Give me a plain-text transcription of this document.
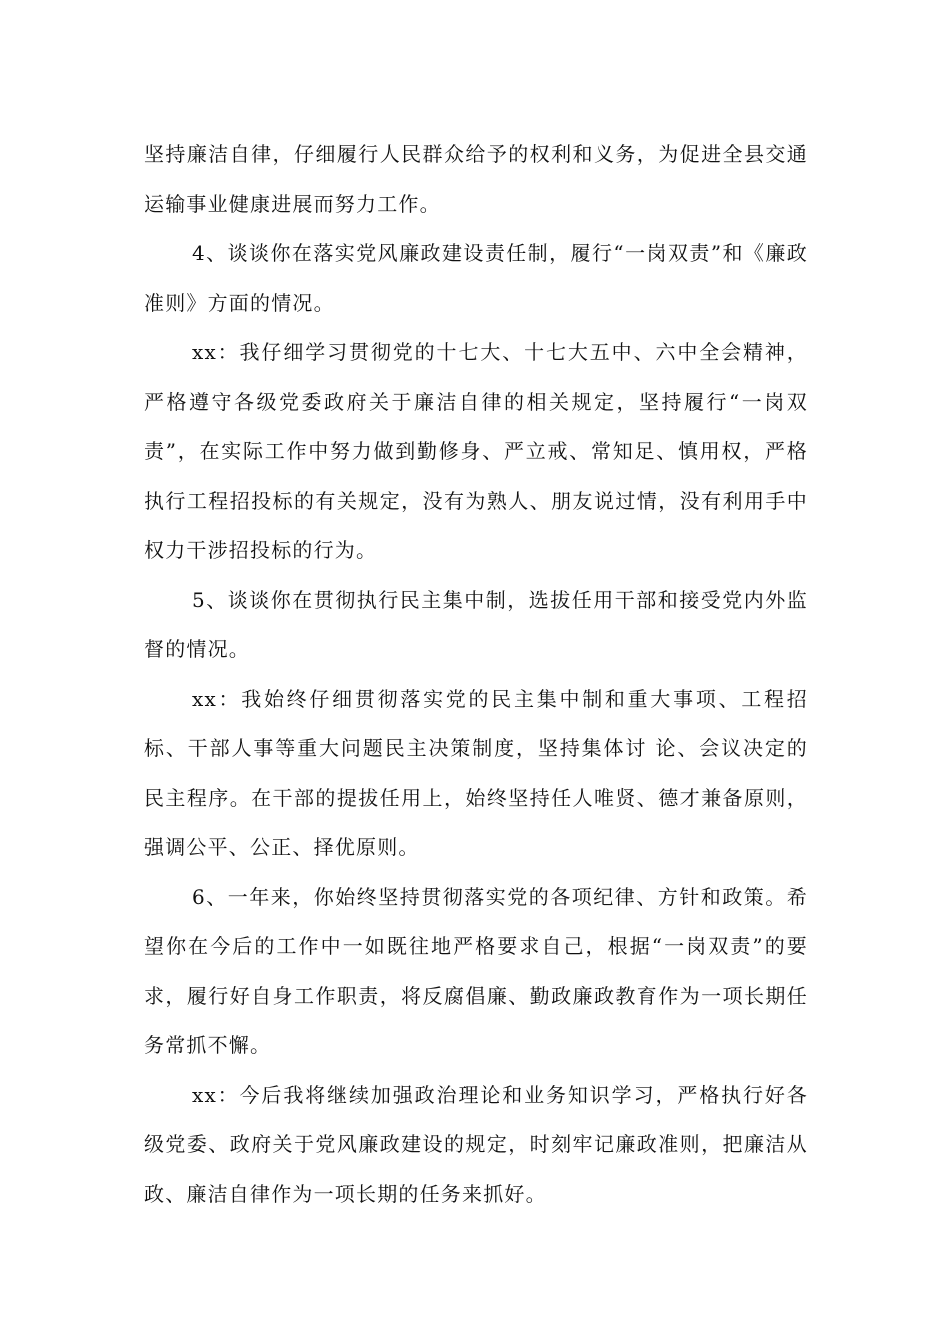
坚持廉洁自律，仔细履行人民群众给予的权利和义务，为促进全县交通运输事业健康进展而努力工作。

4、谈谈你在落实党风廉政建设责任制，履行“一岗双责”和《廉政准则》方面的情况。

xx：我仔细学习贯彻党的十七大、十七大五中、六中全会精神，严格遵守各级党委政府关于廉洁自律的相关规定，坚持履行“一岗双责”，在实际工作中努力做到勤修身、严立戒、常知足、慎用权，严格执行工程招投标的有关规定，没有为熟人、朋友说过情，没有利用手中权力干涉招投标的行为。

5、谈谈你在贯彻执行民主集中制，选拔任用干部和接受党内外监督的情况。

xx：我始终仔细贯彻落实党的民主集中制和重大事项、工程招标、干部人事等重大问题民主决策制度，坚持集体讨 论、会议决定的民主程序。在干部的提拔任用上，始终坚持任人唯贤、德才兼备原则，强调公平、公正、择优原则。

6、一年来，你始终坚持贯彻落实党的各项纪律、方针和政策。希望你在今后的工作中一如既往地严格要求自己，根据“一岗双责”的要求，履行好自身工作职责，将反腐倡廉、勤政廉政教育作为一项长期任务常抓不懈。

xx：今后我将继续加强政治理论和业务知识学习，严格执行好各级党委、政府关于党风廉政建设的规定，时刻牢记廉政准则，把廉洁从政、廉洁自律作为一项长期的任务来抓好。
